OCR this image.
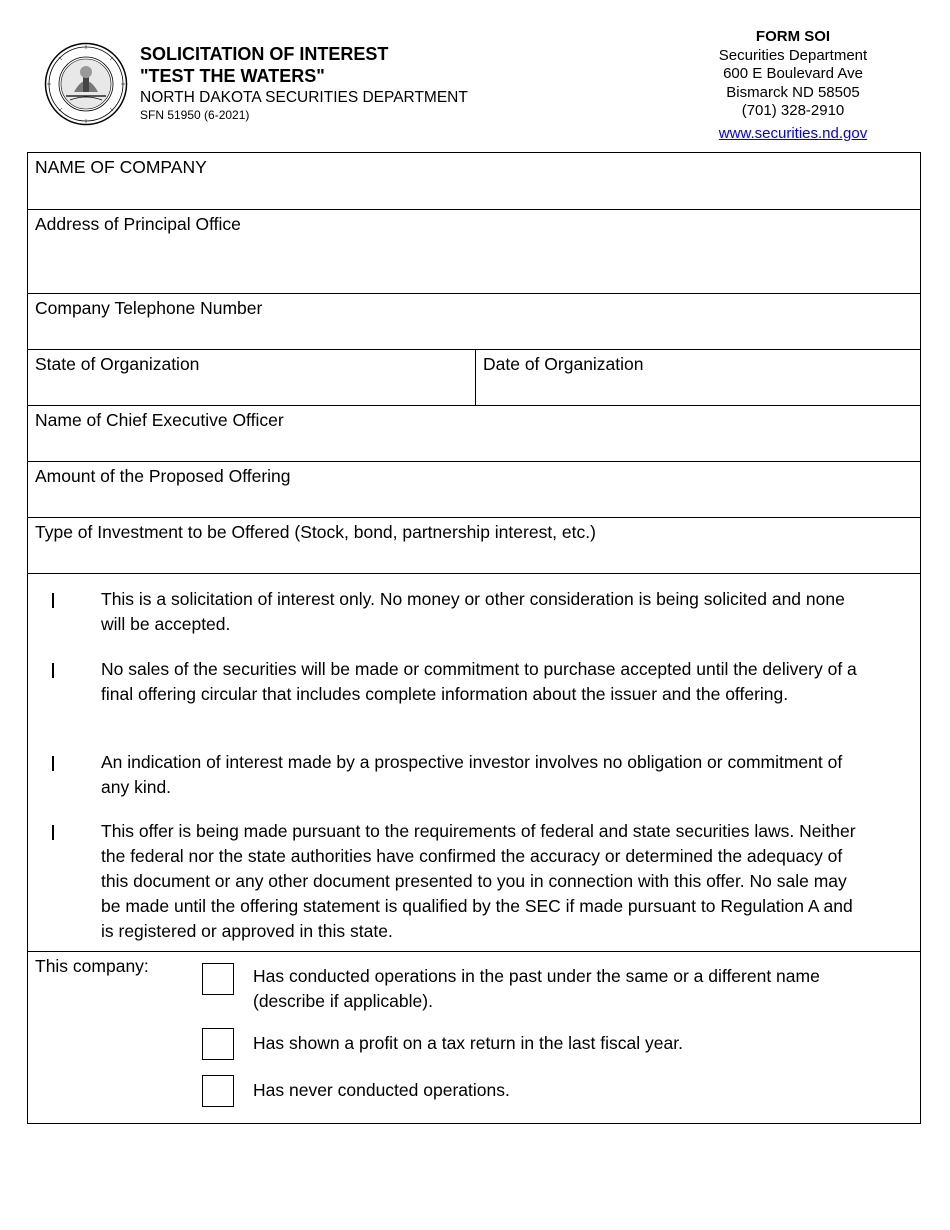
SOLICITATION OF INTEREST
"TEST THE WATERS"
NORTH DAKOTA SECURITIES DEPARTMENT
SFN 51950 (6-2021)
FORM SOI
Securities Department
600 E Boulevard Ave
Bismarck ND 58505
(701) 328-2910
www.securities.nd.gov
NAME OF COMPANY
Address of Principal Office
Company Telephone Number
State of Organization	Date of Organization
Name of Chief Executive Officer
Amount of the Proposed Offering
Type of Investment to be Offered (Stock, bond, partnership interest, etc.)
This is a solicitation of interest only. No money or other consideration is being solicited and none will be accepted.
No sales of the securities will be made or commitment to purchase accepted until the delivery of a final offering circular that includes complete information about the issuer and the offering.
An indication of interest made by a prospective investor involves no obligation or commitment of any kind.
This offer is being made pursuant to the requirements of federal and state securities laws. Neither the federal nor the state authorities have confirmed the accuracy or determined the adequacy of this document or any other document presented to you in connection with this offer. No sale may be made until the offering statement is qualified by the SEC if made pursuant to Regulation A and is registered or approved in this state.
This company:	Has conducted operations in the past under the same or a different name (describe if applicable).
Has shown a profit on a tax return in the last fiscal year.
Has never conducted operations.
